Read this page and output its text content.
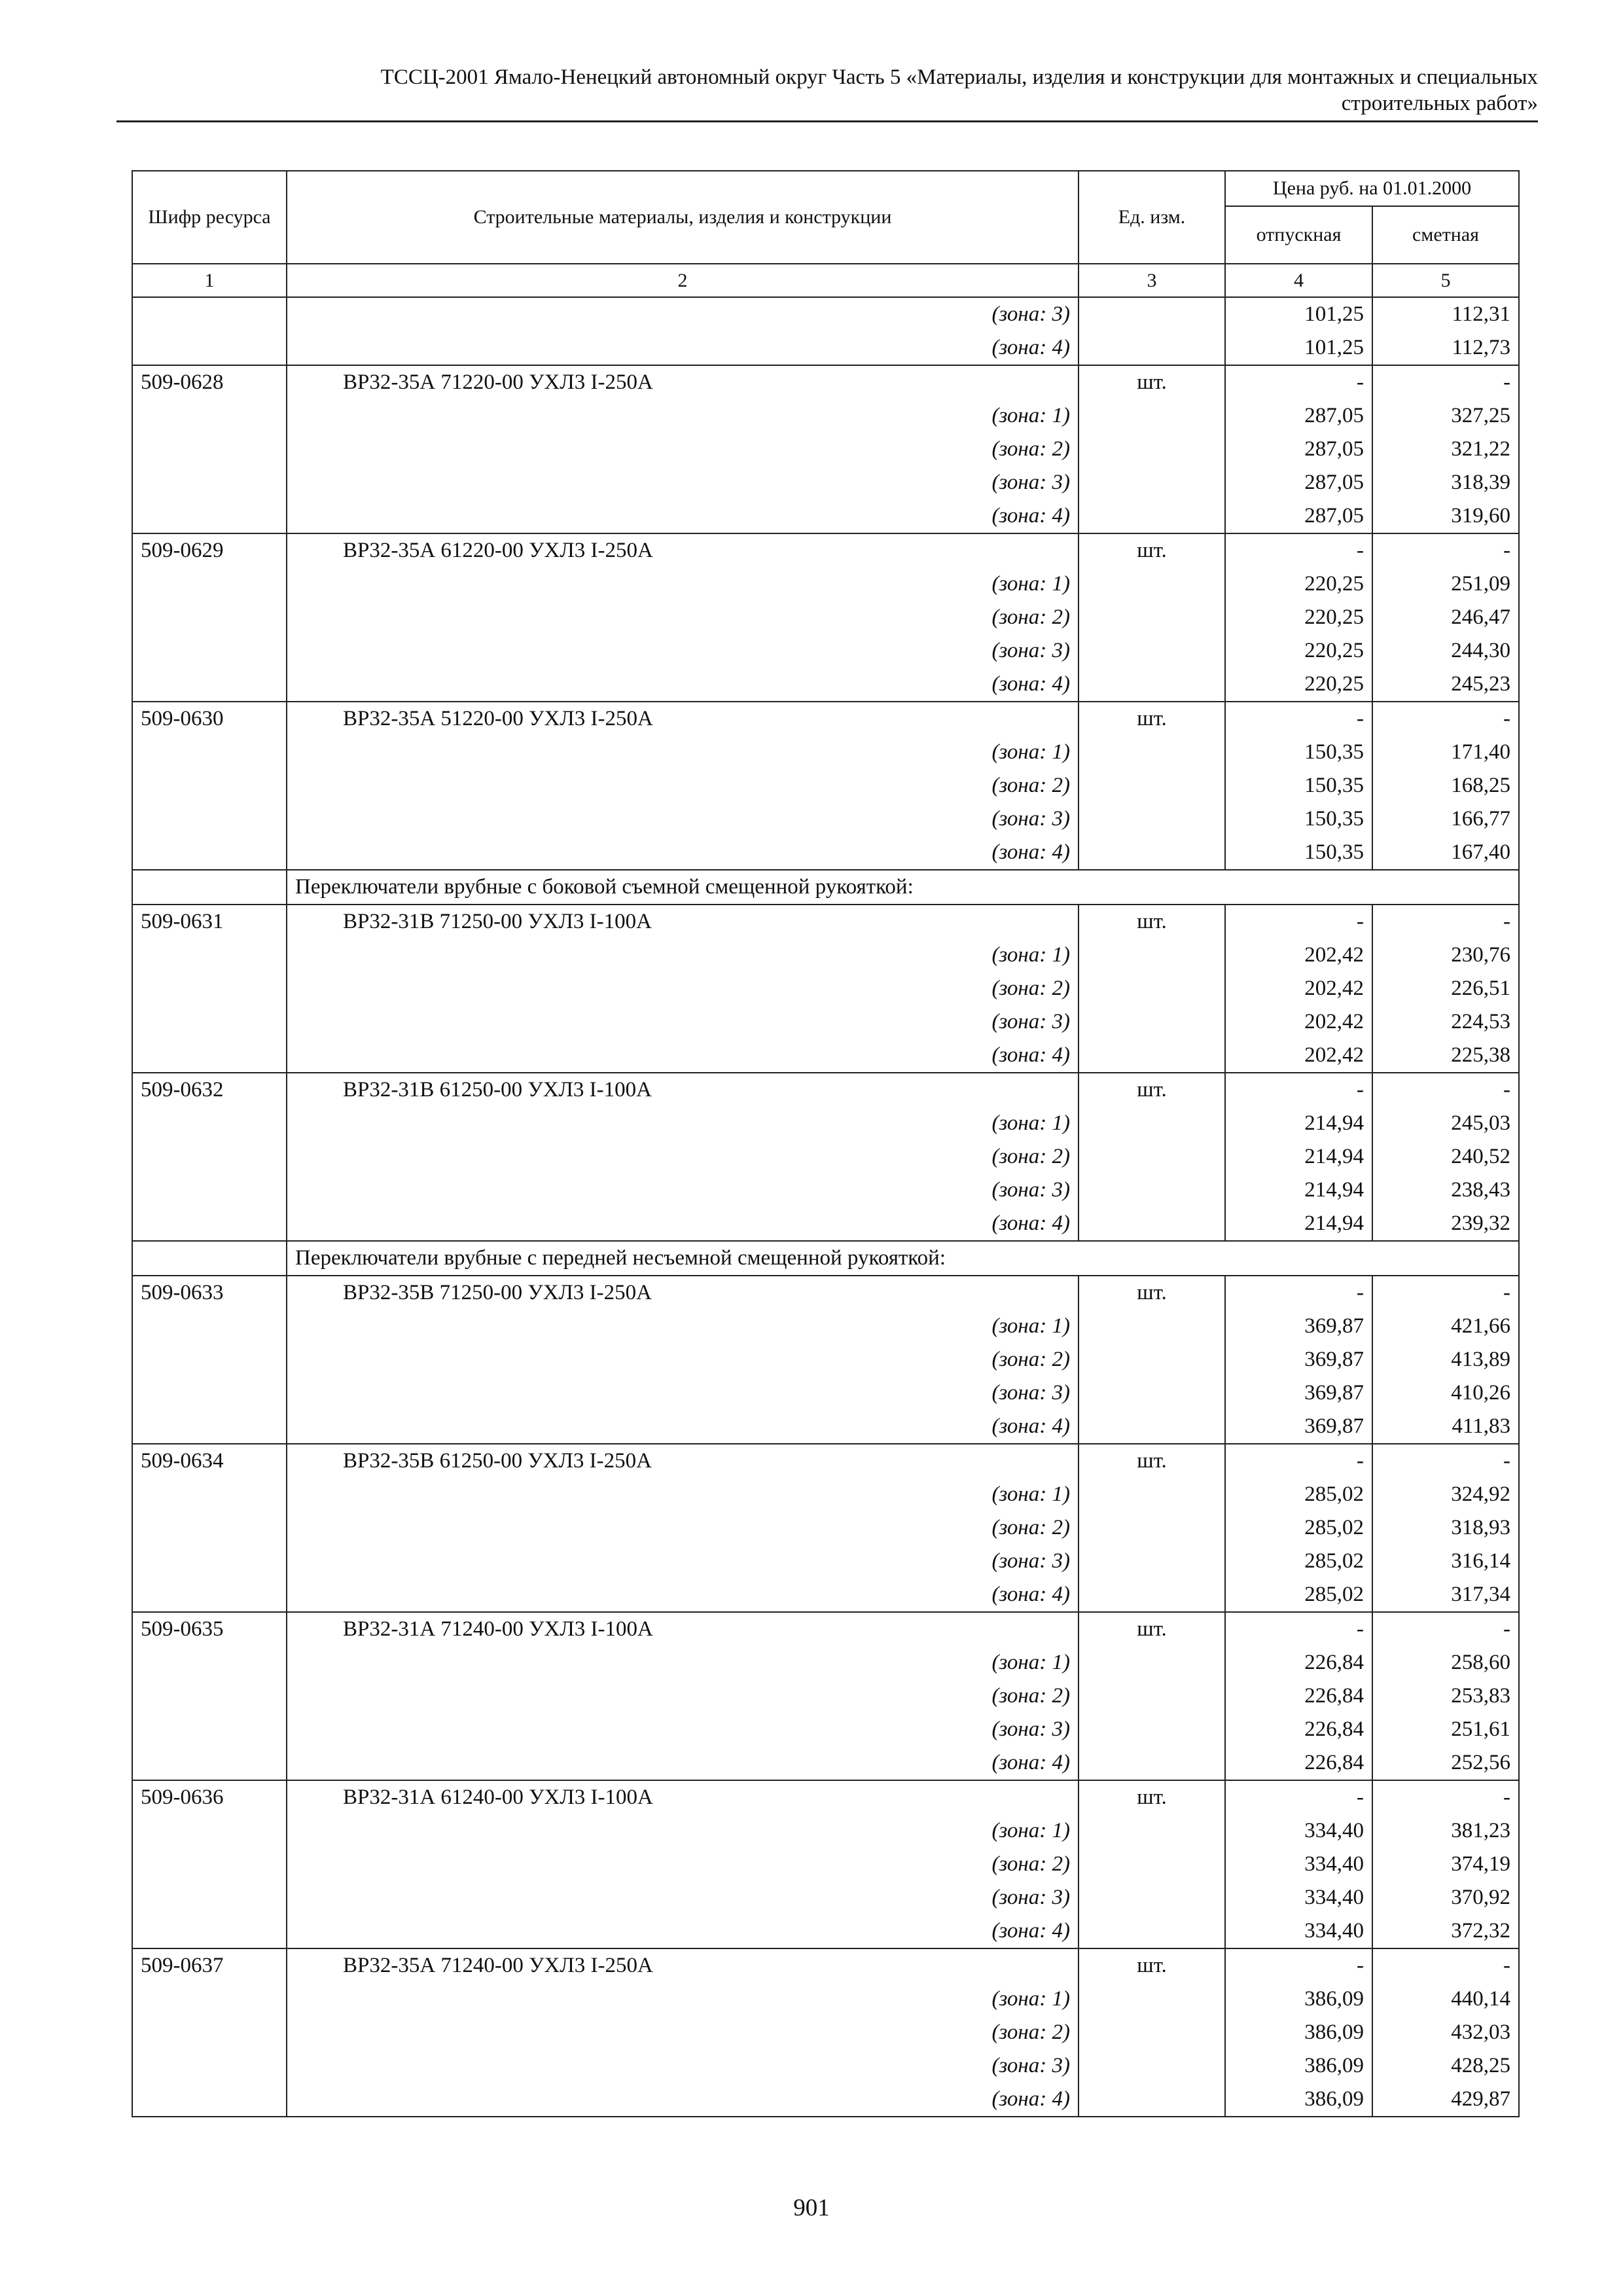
ТССЦ-2001 Ямало-Ненецкий автономный округ Часть 5 «Материалы, изделия и конструкции для монтажных и специальных
строительных работ»
Шифр ресурса	Строительные материалы, изделия и конструкции	Ед. изм.	Цена руб. на 01.01.2000	
			отпускная	сметная
1	2	3	4	5
	(зона: 3)		101,25	112,31
	(зона: 4)		101,25	112,73
509-0628	ВР32-35А 71220-00 УХЛ3 I-250А	шт.	-	-
	(зона: 1)		287,05	327,25
	(зона: 2)		287,05	321,22
	(зона: 3)		287,05	318,39
	(зона: 4)		287,05	319,60
509-0629	ВР32-35А 61220-00 УХЛ3 I-250А	шт.	-	-
	(зона: 1)		220,25	251,09
	(зона: 2)		220,25	246,47
	(зона: 3)		220,25	244,30
	(зона: 4)		220,25	245,23
509-0630	ВР32-35А 51220-00 УХЛ3 I-250А	шт.	-	-
	(зона: 1)		150,35	171,40
	(зона: 2)		150,35	168,25
	(зона: 3)		150,35	166,77
	(зона: 4)		150,35	167,40
	Переключатели врубные с боковой съемной смещенной рукояткой:			
509-0631	ВР32-31В 71250-00 УХЛ3 I-100А	шт.	-	-
	(зона: 1)		202,42	230,76
	(зона: 2)		202,42	226,51
	(зона: 3)		202,42	224,53
	(зона: 4)		202,42	225,38
509-0632	ВР32-31В 61250-00 УХЛ3 I-100А	шт.	-	-
	(зона: 1)		214,94	245,03
	(зона: 2)		214,94	240,52
	(зона: 3)		214,94	238,43
	(зона: 4)		214,94	239,32
	Переключатели врубные с передней несъемной смещенной рукояткой:			
509-0633	ВР32-35В 71250-00 УХЛ3 I-250А	шт.	-	-
	(зона: 1)		369,87	421,66
	(зона: 2)		369,87	413,89
	(зона: 3)		369,87	410,26
	(зона: 4)		369,87	411,83
509-0634	ВР32-35В 61250-00 УХЛ3 I-250А	шт.	-	-
	(зона: 1)		285,02	324,92
	(зона: 2)		285,02	318,93
	(зона: 3)		285,02	316,14
	(зона: 4)		285,02	317,34
509-0635	ВР32-31А 71240-00 УХЛ3 I-100А	шт.	-	-
	(зона: 1)		226,84	258,60
	(зона: 2)		226,84	253,83
	(зона: 3)		226,84	251,61
	(зона: 4)		226,84	252,56
509-0636	ВР32-31А 61240-00 УХЛ3 I-100А	шт.	-	-
	(зона: 1)		334,40	381,23
	(зона: 2)		334,40	374,19
	(зона: 3)		334,40	370,92
	(зона: 4)		334,40	372,32
509-0637	ВР32-35А 71240-00 УХЛ3 I-250А	шт.	-	-
	(зона: 1)		386,09	440,14
	(зона: 2)		386,09	432,03
	(зона: 3)		386,09	428,25
	(зона: 4)		386,09	429,87
901
